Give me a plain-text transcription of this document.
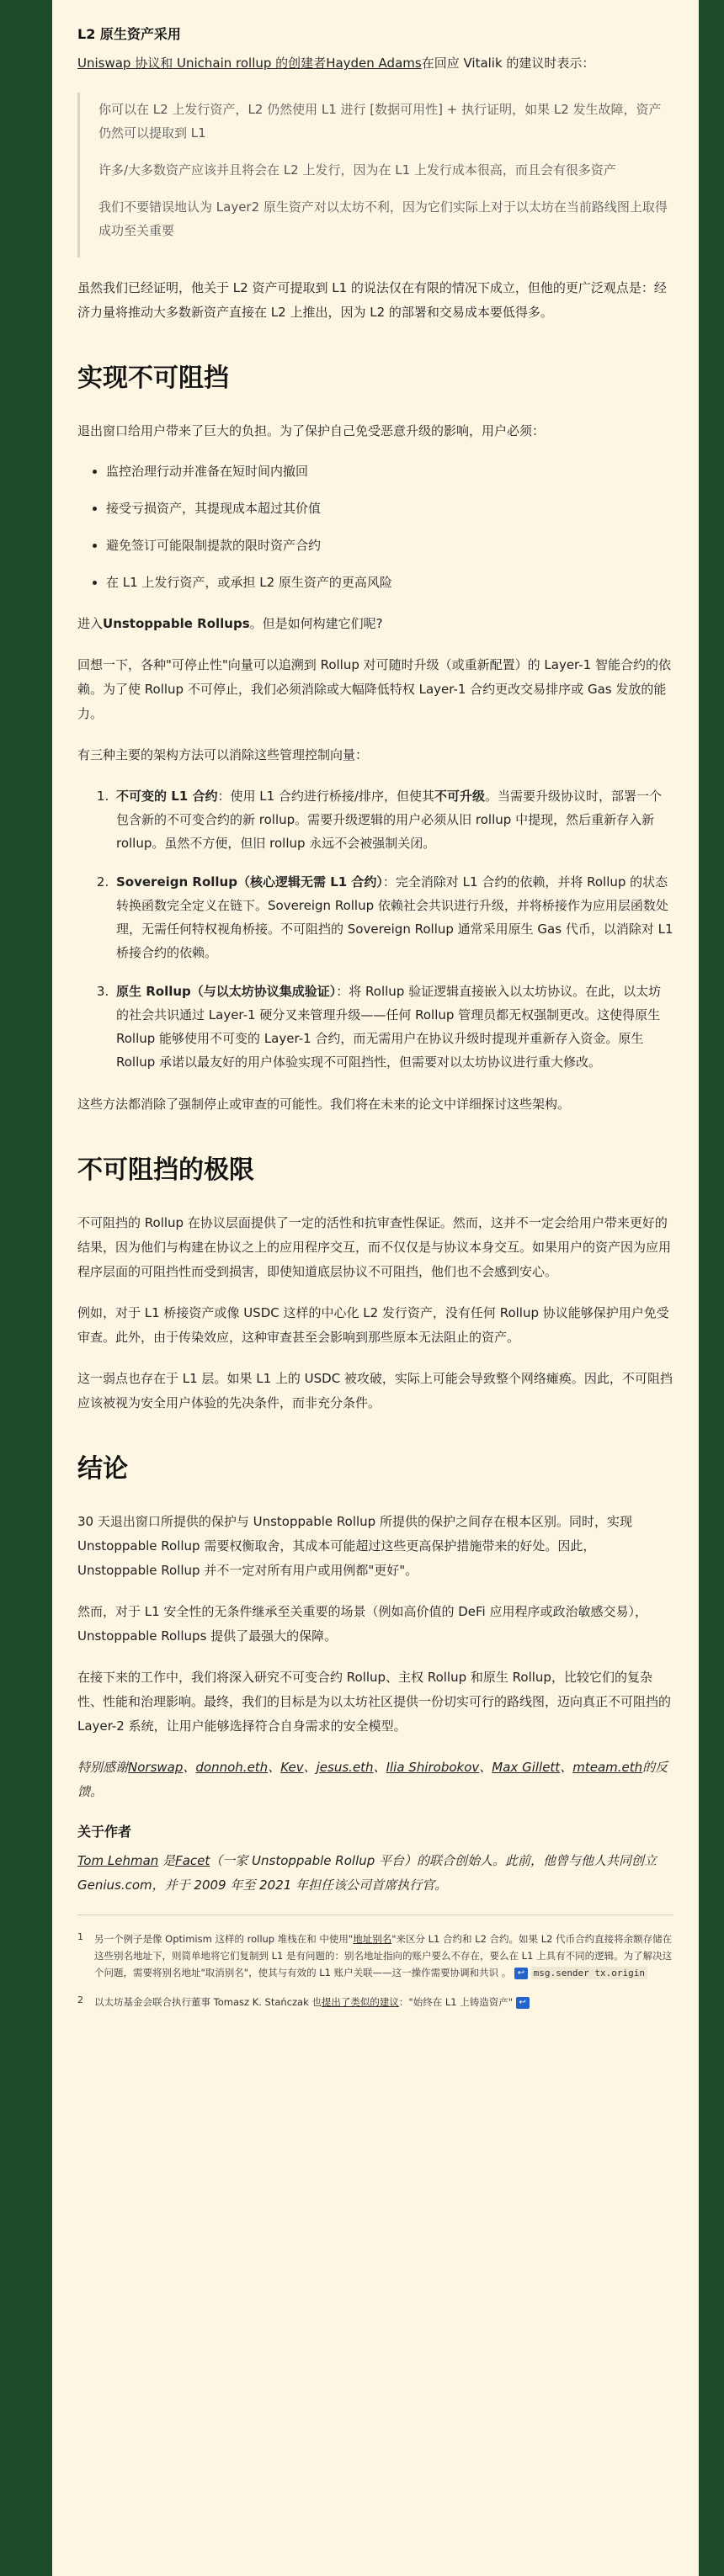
L2 原生资产采用

Uniswap 协议和 Unichain rollup 的创建者Hayden Adams在回应 Vitalik 的建议时表示：

你可以在 L2 上发行资产，L2 仍然使用 L1 进行 [数据可用性] + 执行证明，如果 L2 发生故障，资产仍然可以提取到 L1

许多/大多数资产应该并且将会在 L2 上发行，因为在 L1 上发行成本很高，而且会有很多资产

我们不要错误地认为 Layer2 原生资产对以太坊不利，因为它们实际上对于以太坊在当前路线图上取得成功至关重要

虽然我们已经证明，他关于 L2 资产可提取到 L1 的说法仅在有限的情况下成立，但他的更广泛观点是：经济力量将推动大多数新资产直接在 L2 上推出，因为 L2 的部署和交易成本要低得多。

实现不可阻挡

退出窗口给用户带来了巨大的负担。为了保护自己免受恶意升级的影响，用户必须：

• 监控治理行动并准备在短时间内撤回
• 接受亏损资产，其提现成本超过其价值
• 避免签订可能限制提款的限时资产合约
• 在 L1 上发行资产，或承担 L2 原生资产的更高风险

进入Unstoppable Rollups。但是如何构建它们呢?

回想一下，各种"可停止性"向量可以追溯到 Rollup 对可随时升级（或重新配置）的 Layer-1 智能合约的依赖。为了使 Rollup 不可停止，我们必须消除或大幅降低特权 Layer-1 合约更改交易排序或 Gas 发放的能力。

有三种主要的架构方法可以消除这些管理控制向量：

1. 不可变的 L1 合约：使用 L1 合约进行桥接/排序，但使其不可升级。当需要升级协议时，部署一个包含新的不可变合约的新 rollup。需要升级逻辑的用户必须从旧 rollup 中提现，然后重新存入新 rollup。虽然不方便，但旧 rollup 永远不会被强制关闭。
2. Sovereign Rollup（核心逻辑无需 L1 合约）：完全消除对 L1 合约的依赖，并将 Rollup 的状态转换函数完全定义在链下。Sovereign Rollup 依赖社会共识进行升级，并将桥接作为应用层函数处理，无需任何特权视角桥接。不可阻挡的 Sovereign Rollup 通常采用原生 Gas 代币，以消除对 L1 桥接合约的依赖。
3. 原生 Rollup（与以太坊协议集成验证）：将 Rollup 验证逻辑直接嵌入以太坊协议。在此，以太坊的社会共识通过 Layer-1 硬分叉来管理升级——任何 Rollup 管理员都无权强制更改。这使得原生 Rollup 能够使用不可变的 Layer-1 合约，而无需用户在协议升级时提现并重新存入资金。原生 Rollup 承诺以最友好的用户体验实现不可阻挡性，但需要对以太坊协议进行重大修改。

这些方法都消除了强制停止或审查的可能性。我们将在未来的论文中详细探讨这些架构。

不可阻挡的极限

不可阻挡的 Rollup 在协议层面提供了一定的活性和抗审查性保证。然而，这并不一定会给用户带来更好的结果，因为他们与构建在协议之上的应用程序交互，而不仅仅是与协议本身交互。如果用户的资产因为应用程序层面的可阻挡性而受到损害，即使知道底层协议不可阻挡，他们也不会感到安心。

例如，对于 L1 桥接资产或像 USDC 这样的中心化 L2 发行资产，没有任何 Rollup 协议能够保护用户免受审查。此外，由于传染效应，这种审查甚至会影响到那些原本无法阻止的资产。

这一弱点也存在于 L1 层。如果 L1 上的 USDC 被攻破，实际上可能会导致整个网络瘫痪。因此，不可阻挡应该被视为安全用户体验的先决条件，而非充分条件。

结论

30 天退出窗口所提供的保护与 Unstoppable Rollup 所提供的保护之间存在根本区别。同时，实现 Unstoppable Rollup 需要权衡取舍，其成本可能超过这些更高保护措施带来的好处。因此，Unstoppable Rollup 并不一定对所有用户或用例都"更好"。

然而，对于 L1 安全性的无条件继承至关重要的场景（例如高价值的 DeFi 应用程序或政治敏感交易），Unstoppable Rollups 提供了最强大的保障。

在接下来的工作中，我们将深入研究不可变合约 Rollup、主权 Rollup 和原生 Rollup，比较它们的复杂性、性能和治理影响。最终，我们的目标是为以太坊社区提供一份切实可行的路线图，迈向真正不可阻挡的 Layer-2 系统，让用户能够选择符合自身需求的安全模型。

特别感谢Norswap、donnoh.eth、Kev、jesus.eth、Ilia Shirobokov、Max Gillett、mteam.eth的反馈。

关于作者

Tom Lehman 是Facet（一家 Unstoppable Rollup 平台）的联合创始人。此前，他曾与他人共同创立 Genius.com，并于 2009 年至 2021 年担任该公司首席执行官。

1 另一个例子是像 Optimism 这样的 rollup 堆栈在和 中使用"地址别名"来区分 L1 合约和 L2 合约。如果 L2 代币合约直接将余额存储在这些别名地址下，则简单地将它们复制到 L1 是有问题的：别名地址指向的账户要么不存在，要么在 L1 上具有不同的逻辑。为了解决这个问题，需要将别名地址"取消别名"，使其与有效的 L1 账户关联——这一操作需要协调和共识 。 ↩ msg.sender tx.origin
2 以太坊基金会联合执行董事 Tomasz K. Stańczak 也提出了类似的建议："始终在 L1 上铸造资产" ↩
